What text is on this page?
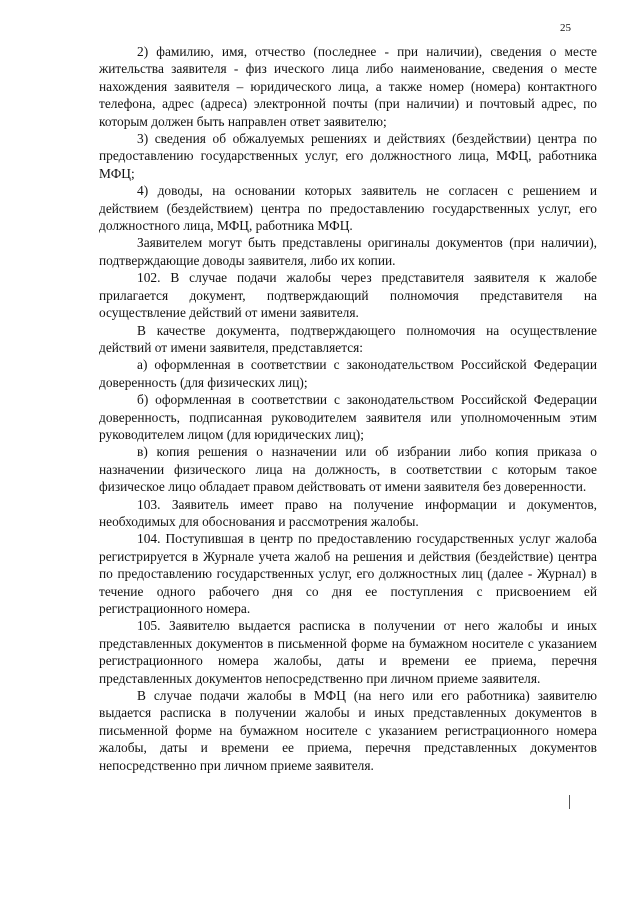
25

2) фамилию, имя, отчество (последнее - при наличии), сведения о месте жительства заявителя - физ ического лица либо наименование, сведения о месте нахождения заявителя – юридического лица, а также номер (номера) контактного телефона, адрес (адреса) электронной почты (при наличии) и почтовый адрес, по которым должен быть направлен ответ заявителю;

3) сведения об обжалуемых решениях и действиях (бездействии) центра по предоставлению государственных услуг, его должностного лица, МФЦ, работника МФЦ;

4) доводы, на основании которых заявитель не согласен с решением и действием (бездействием) центра по предоставлению государственных услуг, его должностного лица, МФЦ, работника МФЦ.

Заявителем могут быть представлены оригиналы документов (при наличии), подтверждающие доводы заявителя, либо их копии.

102. В случае подачи жалобы через представителя заявителя к жалобе прилагается документ, подтверждающий полномочия представителя на осуществление действий от имени заявителя.

В качестве документа, подтверждающего полномочия на осуществление действий от имени заявителя, представляется:

а) оформленная в соответствии с законодательством Российской Федерации доверенность (для физических лиц);

б) оформленная в соответствии с законодательством Российской Федерации доверенность, подписанная руководителем заявителя или уполномоченным этим руководителем лицом (для юридических лиц);

в) копия решения о назначении или об избрании либо копия приказа о назначении физического лица на должность, в соответствии с которым такое физическое лицо обладает правом действовать от имени заявителя без доверенности.

103. Заявитель имеет право на получение информации и документов, необходимых для обоснования и рассмотрения жалобы.

104. Поступившая в центр по предоставлению государственных услуг жалоба регистрируется в Журнале учета жалоб на решения и действия (бездействие) центра по предоставлению государственных услуг, его должностных лиц (далее - Журнал) в течение одного рабочего дня со дня ее поступления с присвоением ей регистрационного номера.

105. Заявителю выдается расписка в получении от него жалобы и иных представленных документов в письменной форме на бумажном носителе с указанием регистрационного номера жалобы, даты и времени ее приема, перечня представленных документов непосредственно при личном приеме заявителя.

В случае подачи жалобы в МФЦ (на него или его работника) заявителю выдается расписка в получении жалобы и иных представленных документов в письменной форме на бумажном носителе с указанием регистрационного номера жалобы, даты и времени ее приема, перечня представленных документов непосредственно при личном приеме заявителя.
